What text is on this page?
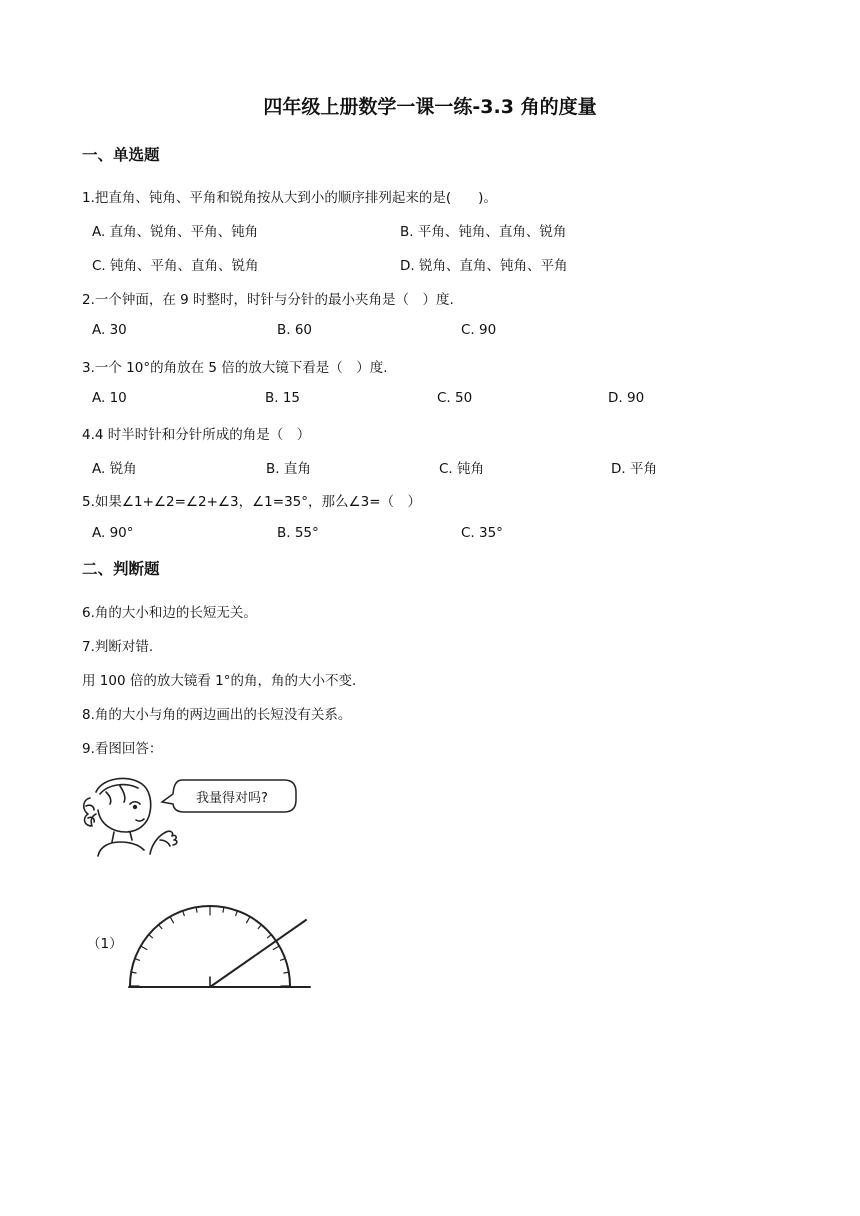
四年级上册数学一课一练-3.3 角的度量
一、单选题
1.把直角、钝角、平角和锐角按从大到小的顺序排列起来的是(　　)。
A. 直角、锐角、平角、钝角	B. 平角、钝角、直角、锐角
C. 钝角、平角、直角、锐角	D. 锐角、直角、钝角、平角
2.一个钟面，在 9 时整时，时针与分针的最小夹角是（　）度.
A. 30	B. 60	C. 90
3.一个 10°的角放在 5 倍的放大镜下看是（　）度.
A. 10	B. 15	C. 50	D. 90
4.4 时半时针和分针所成的角是（　）
A. 锐角	B. 直角	C. 钝角	D. 平角
5.如果∠1+∠2=∠2+∠3，∠1=35°，那么∠3=（　）
A. 90°	B. 55°	C. 35°
二、判断题
6.角的大小和边的长短无关。
7.判断对错.
用 100 倍的放大镜看 1°的角，角的大小不变.
8.角的大小与角的两边画出的长短没有关系。
9.看图回答：
我量得对吗?
（1）
